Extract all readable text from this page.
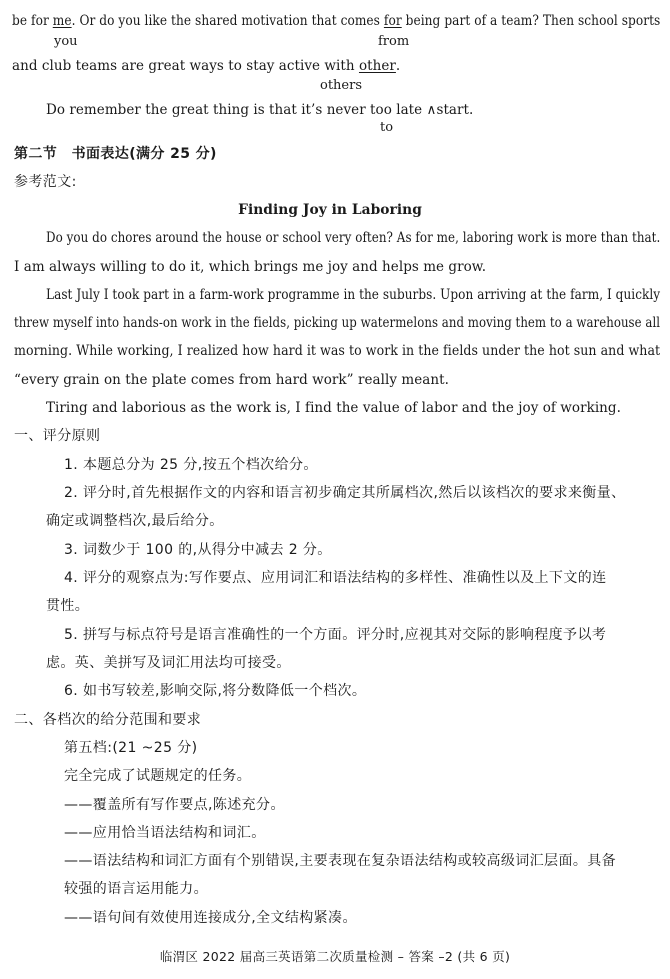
be for me. Or do you like the shared motivation that comes for being part of a team? Then school sports
you	from
and club teams are great ways to stay active with other.
others
Do remember the great thing is that it’s never too late ∧start.
to
第二节　书面表达(满分 25 分)
参考范文:
Finding Joy in Laboring
Do you do chores around the house or school very often? As for me, laboring work is more than that.
I am always willing to do it, which brings me joy and helps me grow.
Last July I took part in a farm-work programme in the suburbs. Upon arriving at the farm, I quickly
threw myself into hands-on work in the fields, picking up watermelons and moving them to a warehouse all
morning. While working, I realized how hard it was to work in the fields under the hot sun and what
“every grain on the plate comes from hard work” really meant.
Tiring and laborious as the work is, I find the value of labor and the joy of working.
一、评分原则
1. 本题总分为 25 分,按五个档次给分。
2. 评分时,首先根据作文的内容和语言初步确定其所属档次,然后以该档次的要求来衡量、
确定或调整档次,最后给分。
3. 词数少于 100 的,从得分中减去 2 分。
4. 评分的观察点为:写作要点、应用词汇和语法结构的多样性、准确性以及上下文的连
贯性。
5. 拼写与标点符号是语言准确性的一个方面。评分时,应视其对交际的影响程度予以考
虑。英、美拼写及词汇用法均可接受。
6. 如书写较差,影响交际,将分数降低一个档次。
二、各档次的给分范围和要求
第五档:(21 ~25 分)
完全完成了试题规定的任务。
——覆盖所有写作要点,陈述充分。
——应用恰当语法结构和词汇。
——语法结构和词汇方面有个别错误,主要表现在复杂语法结构或较高级词汇层面。具备
较强的语言运用能力。
——语句间有效使用连接成分,全文结构紧凑。
临渭区 2022 届高三英语第二次质量检测 – 答案 –2 (共 6 页)
